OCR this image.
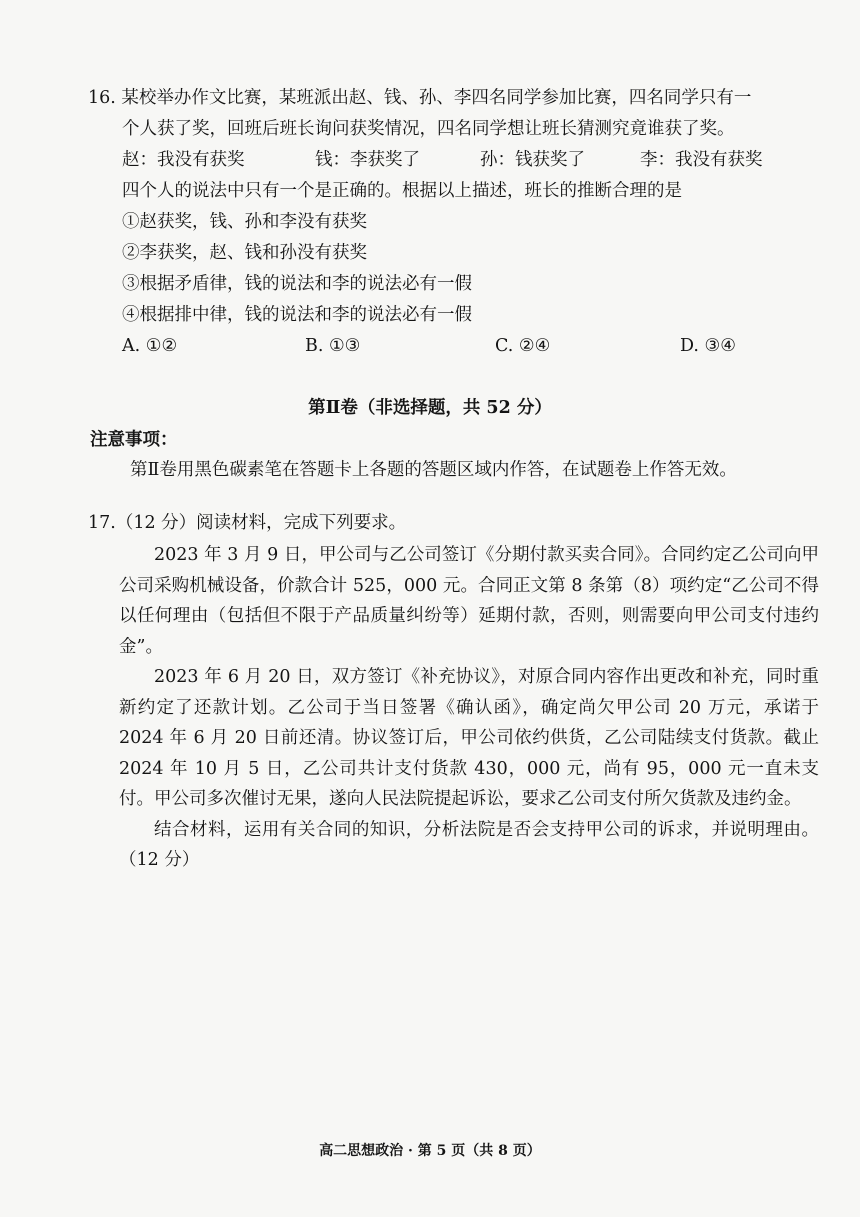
16. 某校举办作文比赛，某班派出赵、钱、孙、李四名同学参加比赛，四名同学只有一
个人获了奖，回班后班长询问获奖情况，四名同学想让班长猜测究竟谁获了奖。
赵：我没有获奖	钱：李获奖了	孙：钱获奖了	李：我没有获奖
四个人的说法中只有一个是正确的。根据以上描述，班长的推断合理的是
①赵获奖，钱、孙和李没有获奖
②李获奖，赵、钱和孙没有获奖
③根据矛盾律，钱的说法和李的说法必有一假
④根据排中律，钱的说法和李的说法必有一假
A. ①②	B. ①③	C. ②④	D. ③④
第Ⅱ卷（非选择题，共 52 分）
注意事项：
第Ⅱ卷用黑色碳素笔在答题卡上各题的答题区域内作答，在试题卷上作答无效。
17.（12 分）阅读材料，完成下列要求。

2023 年 3 月 9 日，甲公司与乙公司签订《分期付款买卖合同》。合同约定乙公司向甲公司采购机械设备，价款合计 525，000 元。合同正文第 8 条第（8）项约定“乙公司不得以任何理由（包括但不限于产品质量纠纷等）延期付款，否则，则需要向甲公司支付违约金”。

2023 年 6 月 20 日，双方签订《补充协议》，对原合同内容作出更改和补充，同时重新约定了还款计划。乙公司于当日签署《确认函》，确定尚欠甲公司 20 万元，承诺于 2024 年 6 月 20 日前还清。协议签订后，甲公司依约供货，乙公司陆续支付货款。截止 2024 年 10 月 5 日，乙公司共计支付货款 430，000 元，尚有 95，000 元一直未支付。甲公司多次催讨无果，遂向人民法院提起诉讼，要求乙公司支付所欠货款及违约金。

结合材料，运用有关合同的知识，分析法院是否会支持甲公司的诉求，并说明理由。（12 分）

高二思想政治 · 第 5 页（共 8 页）
